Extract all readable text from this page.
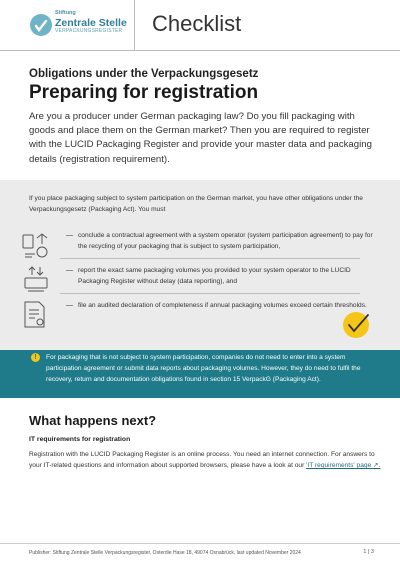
Stiftung
Zentrale Stelle
VERPACKUNGSREGISTER Checklist
Obligations under the Verpackungsgesetz
Preparing for registration

Are you a producer under German packaging law? Do you fill packaging with goods and place them on the German market? Then you are required to register with the LUCID Packaging Register and provide your master data and packaging details (registration requirement).

If you place packaging subject to system participation on the German market, you have other obligations under the Verpackungsgesetz (Packaging Act). You must

— conclude a contractual agreement with a system operator (system participation agreement) to pay for the recycling of your packaging that is subject to system participation,

— report the exact same packaging volumes you provided to your system operator to the LUCID Packaging Register without delay (data reporting), and

— file an audited declaration of completeness if annual packaging volumes exceed certain thresholds.

!	For packaging that is not subject to system participation, companies do not need to enter into a system participation agreement or submit data reports about packaging volumes. However, they do need to fulfil the recovery, return and documentation obligations found in section 15 VerpackG (Packaging Act).

What happens next?
IT requirements for registration

Registration with the LUCID Packaging Register is an online process. You need an internet connection. For answers to your IT-related questions and information about supported browsers, please have a look at our 'IT requirements' page ↗.

Publisher: Stiftung Zentrale Stelle Verpackungsregister, Osterdie Hase 18, 49074 Osnabrück, last updated November 2024	1 | 3
